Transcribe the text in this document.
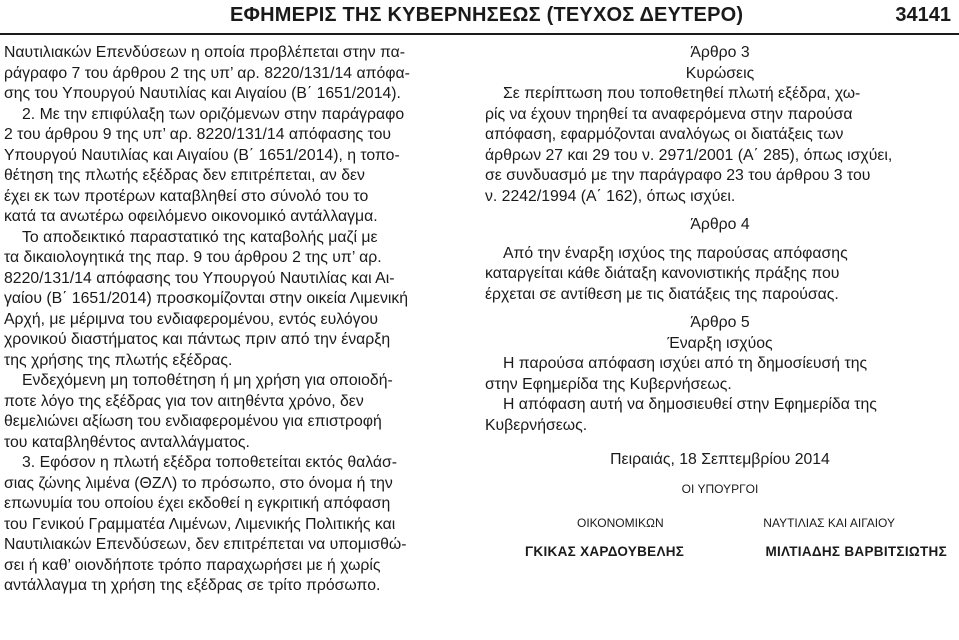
ΕΦΗΜΕΡΙΣ ΤΗΣ ΚΥΒΕΡΝΗΣΕΩΣ (ΤΕΥΧΟΣ ΔΕΥΤΕΡΟ)	34141

Ναυτιλιακών Επενδύσεων η οποία προβλέπεται στην πα-

ράγραφο 7 του άρθρου 2 της υπ’ αρ. 8220/131/14 απόφα-

σης του Υπουργού Ναυτιλίας και Αιγαίου (Β΄ 1651/2014).

2. Με την επιφύλαξη των οριζόμενων στην παράγραφο

2 του άρθρου 9 της υπ’ αρ. 8220/131/14 απόφασης του

Υπουργού Ναυτιλίας και Αιγαίου (Β΄ 1651/2014), η τοπο-

θέτηση της πλωτής εξέδρας δεν επιτρέπεται, αν δεν

έχει εκ των προτέρων καταβληθεί στο σύνολό του το

κατά τα ανωτέρω οφειλόμενο οικονομικό αντάλλαγμα.

Το αποδεικτικό παραστατικό της καταβολής μαζί με

τα δικαιολογητικά της παρ. 9 του άρθρου 2 της υπ’ αρ.

8220/131/14 απόφασης του Υπουργού Ναυτιλίας και Αι-

γαίου (Β΄ 1651/2014) προσκομίζονται στην οικεία Λιμενική

Αρχή, με μέριμνα του ενδιαφερομένου, εντός ευλόγου

χρονικού διαστήματος και πάντως πριν από την έναρξη

της χρήσης της πλωτής εξέδρας.

Ενδεχόμενη μη τοποθέτηση ή μη χρήση για οποιοδή-

ποτε λόγο της εξέδρας για τον αιτηθέντα χρόνο, δεν

θεμελιώνει αξίωση του ενδιαφερομένου για επιστροφή

του καταβληθέντος ανταλλάγματος.

3. Εφόσον η πλωτή εξέδρα τοποθετείται εκτός θαλάσ-

σιας ζώνης λιμένα (ΘΖΛ) το πρόσωπο, στο όνομα ή την

επωνυμία του οποίου έχει εκδοθεί η εγκριτική απόφαση

του Γενικού Γραμματέα Λιμένων, Λιμενικής Πολιτικής και

Ναυτιλιακών Επενδύσεων, δεν επιτρέπεται να υπομισθώ-

σει ή καθ’ οιονδήποτε τρόπο παραχωρήσει με ή χωρίς

αντάλλαγμα τη χρήση της εξέδρας σε τρίτο πρόσωπο.

Άρθρο 3

Κυρώσεις

Σε περίπτωση που τοποθετηθεί πλωτή εξέδρα, χω-

ρίς να έχουν τηρηθεί τα αναφερόμενα στην παρούσα

απόφαση, εφαρμόζονται αναλόγως οι διατάξεις των

άρθρων 27 και 29 του ν. 2971/2001 (Α΄ 285), όπως ισχύει,

σε συνδυασμό με την παράγραφο 23 του άρθρου 3 του

ν. 2242/1994 (Α΄ 162), όπως ισχύει.

Άρθρο 4

Από την έναρξη ισχύος της παρούσας απόφασης

καταργείται κάθε διάταξη κανονιστικής πράξης που

έρχεται σε αντίθεση με τις διατάξεις της παρούσας.

Άρθρο 5

Έναρξη ισχύος

Η παρούσα απόφαση ισχύει από τη δημοσίευσή της

στην Εφημερίδα της Κυβερνήσεως.

Η απόφαση αυτή να δημοσιευθεί στην Εφημερίδα της

Κυβερνήσεως.

Πειραιάς, 18 Σεπτεμβρίου 2014

ΟΙ ΥΠΟΥΡΓΟΙ

ΟΙΚΟΝΟΜΙΚΩΝ	ΝΑΥΤΙΛΙΑΣ ΚΑΙ ΑΙΓΑΙΟΥ
ΓΚΙΚΑΣ ΧΑΡΔΟΥΒΕΛΗΣ	ΜΙΛΤΙΑΔΗΣ ΒΑΡΒΙΤΣΙΩΤΗΣ
